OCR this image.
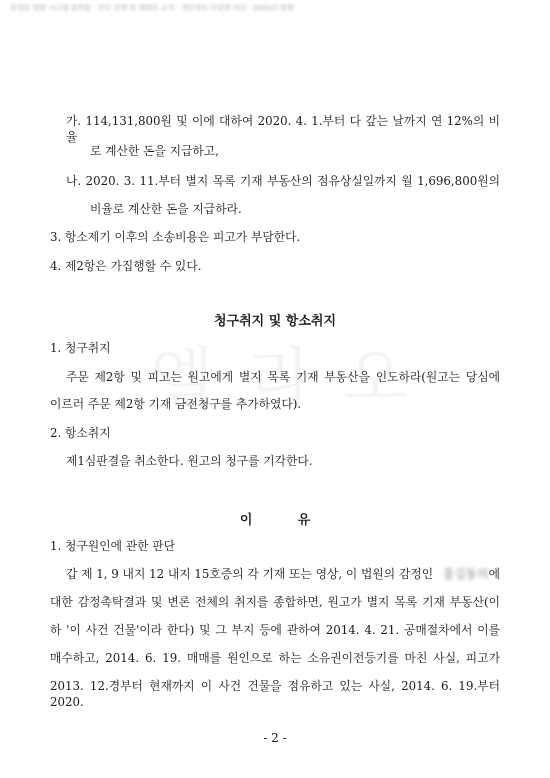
판결문 열람 시스템 출력물 · 무단 전재 및 재배포 금지 · 개인정보 비실명 처리 · 2021년 발행
가. 114,131,800원 및 이에 대하여 2020. 4. 1.부터 다 갚는 날까지 연 12%의 비율
로 계산한 돈을 지급하고,
나. 2020. 3. 11.부터 별지 목록 기재 부동산의 점유상실일까지 월 1,696,800원의
비율로 계산한 돈을 지급하라.
3. 항소제기 이후의 소송비용은 피고가 부담한다.
4. 제2항은 가집행할 수 있다.
청구취지 및 항소취지
1. 청구취지
주문 제2항 및 피고는 원고에게 별지 목록 기재 부동산을 인도하라(원고는 당심에
이르러 주문 제2항 기재 금전청구를 추가하였다).
2. 항소취지
제1심판결을 취소한다. 원고의 청구를 기각한다.
이          유
1. 청구원인에 관한 판단
갑 제 1, 9 내지 12 내지 15호증의 각 기재 또는 영상, 이 법원의 감정인 홍길동의에
대한 감정촉탁결과 및 변론 전체의 취지를 종합하면, 원고가 별지 목록 기재 부동산(이
하 '이 사건 건물'이라 한다) 및 그 부지 등에 관하여 2014. 4. 21. 공매절차에서 이를
매수하고, 2014. 6. 19. 매매를 원인으로 하는 소유권이전등기를 마친 사실, 피고가
2013. 12.경부터 현재까지 이 사건 건물을 점유하고 있는 사실, 2014. 6. 19.부터 2020.
- 2 -
